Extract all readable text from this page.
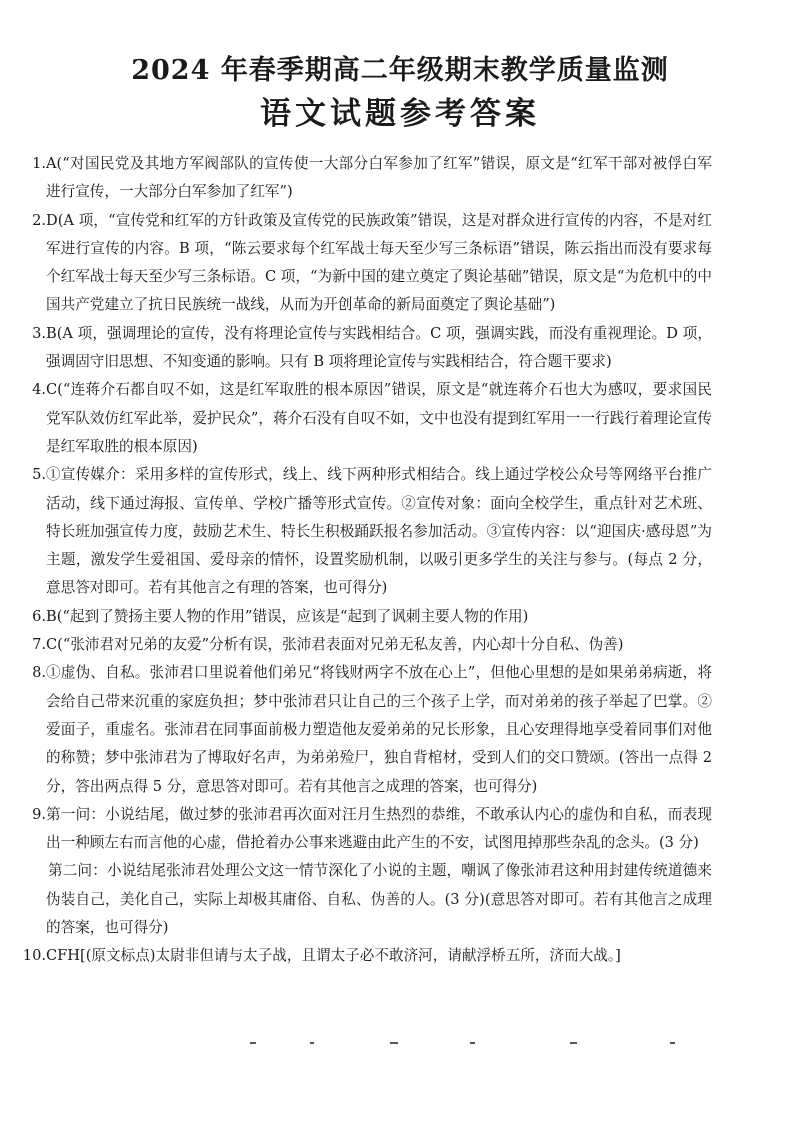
2024 年春季期高二年级期末教学质量监测
语文试题参考答案
1. A(“对国民党及其地方军阀部队的宣传使一大部分白军参加了红军”错误，原文是“红军干部对被俘白军进行宣传，一大部分白军参加了红军”)
2. D(A 项，“宣传党和红军的方针政策及宣传党的民族政策”错误，这是对群众进行宣传的内容，不是对红军进行宣传的内容。B 项，“陈云要求每个红军战士每天至少写三条标语”错误，陈云指出而没有要求每个红军战士每天至少写三条标语。C 项，“为新中国的建立奠定了舆论基础”错误，原文是“为危机中的中国共产党建立了抗日民族统一战线，从而为开创革命的新局面奠定了舆论基础”)
3. B(A 项，强调理论的宣传，没有将理论宣传与实践相结合。C 项，强调实践，而没有重视理论。D 项，强调固守旧思想、不知变通的影响。只有 B 项将理论宣传与实践相结合，符合题干要求)
4. C(“连蒋介石都自叹不如，这是红军取胜的根本原因”错误，原文是“就连蒋介石也大为感叹，要求国民党军队效仿红军此举，爱护民众”，蒋介石没有自叹不如，文中也没有提到红军用一一行践行着理论宣传是红军取胜的根本原因)
5. ①宣传媒介：采用多样的宣传形式，线上、线下两种形式相结合。线上通过学校公众号等网络平台推广活动，线下通过海报、宣传单、学校广播等形式宣传。②宣传对象：面向全校学生，重点针对艺术班、特长班加强宣传力度，鼓励艺术生、特长生积极踊跃报名参加活动。③宣传内容：以“迎国庆·感母恩”为主题，激发学生爱祖国、爱母亲的情怀，设置奖励机制，以吸引更多学生的关注与参与。(每点 2 分，意思答对即可。若有其他言之有理的答案，也可得分)
6. B(“起到了赞扬主要人物的作用”错误，应该是“起到了讽刺主要人物的作用)
7. C(“张沛君对兄弟的友爱”分析有误，张沛君表面对兄弟无私友善，内心却十分自私、伪善)
8. ①虚伪、自私。张沛君口里说着他们弟兄“将钱财两字不放在心上”，但他心里想的是如果弟弟病逝，将会给自己带来沉重的家庭负担；梦中张沛君只让自己的三个孩子上学，而对弟弟的孩子举起了巴掌。②爱面子，重虚名。张沛君在同事面前极力塑造他友爱弟弟的兄长形象，且心安理得地享受着同事们对他的称赞；梦中张沛君为了博取好名声，为弟弟殓尸，独自背棺材，受到人们的交口赞颂。(答出一点得 2 分，答出两点得 5 分，意思答对即可。若有其他言之成理的答案，也可得分)
9. 第一问：小说结尾，做过梦的张沛君再次面对汪月生热烈的恭维，不敢承认内心的虚伪和自私，而表现出一种顾左右而言他的心虚，借抢着办公事来逃避由此产生的不安，试图甩掉那些杂乱的念头。(3 分)
第二问：小说结尾张沛君处理公文这一情节深化了小说的主题，嘲讽了像张沛君这种用封建传统道德来伪装自己，美化自己，实际上却极其庸俗、自私、伪善的人。(3 分)(意思答对即可。若有其他言之成理的答案，也可得分)
10. CFH[(原文标点)太尉非但请与太子战，且谓太子必不敢济河，请献浮桥五所，济而大战。]
